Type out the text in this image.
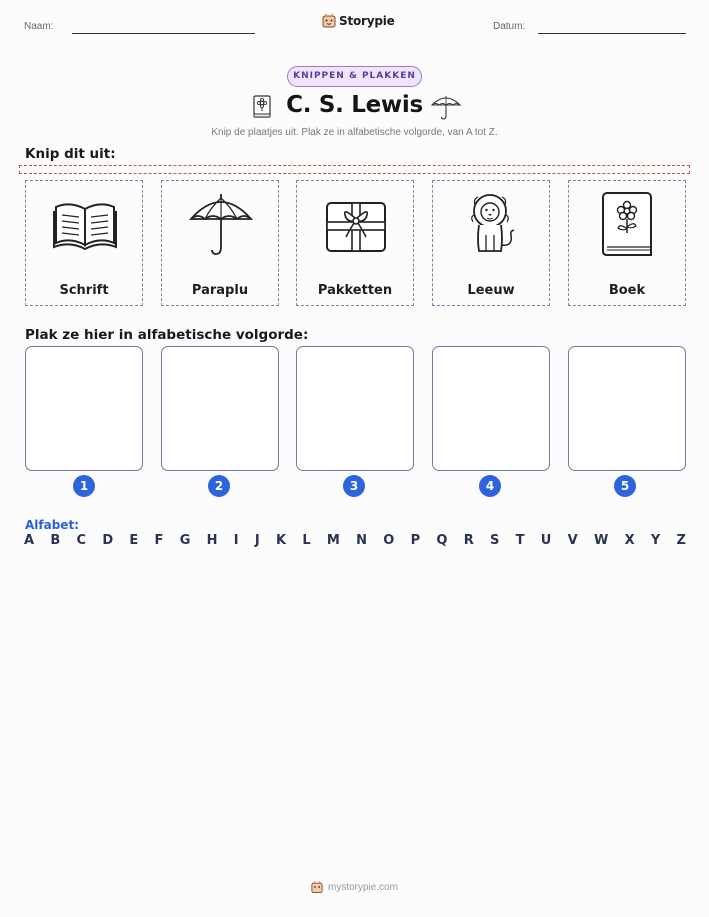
Naam:	Storypie	Datum:
KNIPPEN & PLAKKEN
C. S. Lewis
Knip de plaatjes uit. Plak ze in alfabetische volgorde, van A tot Z.
Knip dit uit:
Schrift	Paraplu	Pakketten	Leeuw	Boek
Plak ze hier in alfabetische volgorde:
1	2	3	4	5
Alfabet:
A B C D E F G H I J K L M N O P Q R S T U V W X Y Z
mystorypie.com
